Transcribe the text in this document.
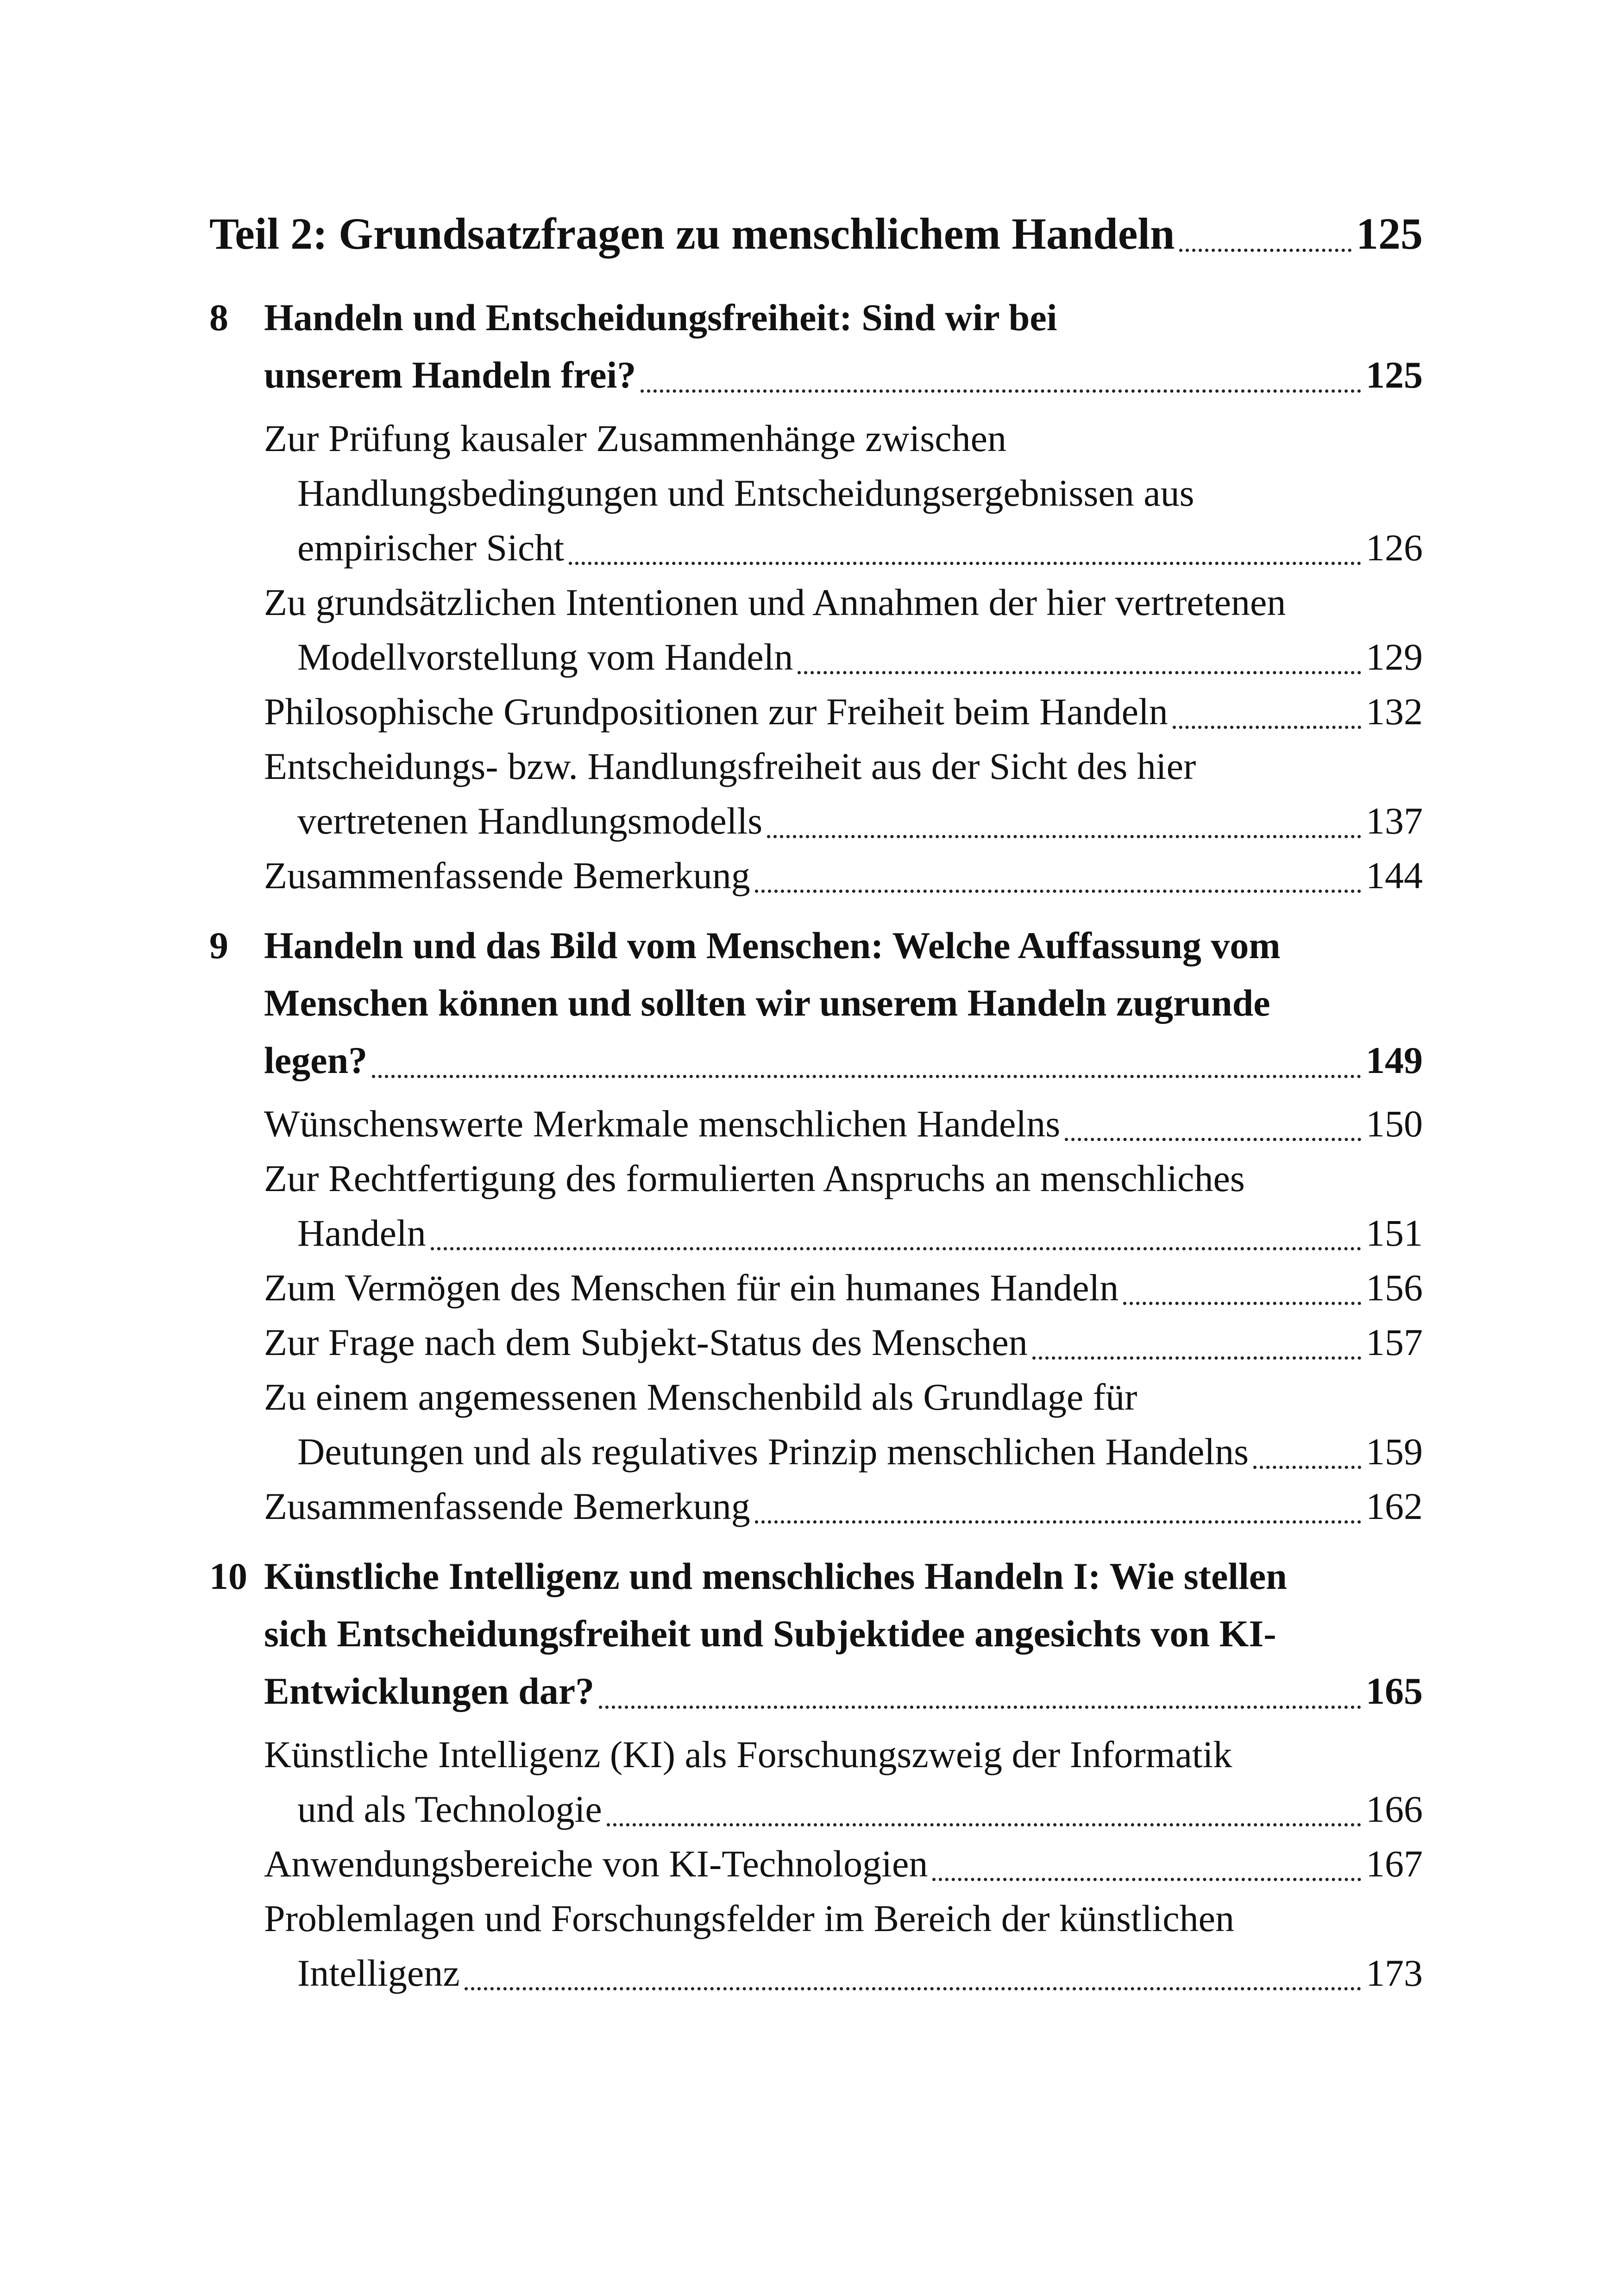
Teil 2: Grundsatzfragen zu menschlichem Handeln	125
8 Handeln und Entscheidungsfreiheit: Sind wir bei
unserem Handeln frei?	125
Zur Prüfung kausaler Zusammenhänge zwischen
Handlungsbedingungen und Entscheidungsergebnissen aus
empirischer Sicht	126
Zu grundsätzlichen Intentionen und Annahmen der hier vertretenen
Modellvorstellung vom Handeln	129
Philosophische Grundpositionen zur Freiheit beim Handeln	132
Entscheidungs- bzw. Handlungsfreiheit aus der Sicht des hier
vertretenen Handlungsmodells	137
Zusammenfassende Bemerkung	144
9 Handeln und das Bild vom Menschen: Welche Auffassung vom
Menschen können und sollten wir unserem Handeln zugrunde
legen?	149
Wünschenswerte Merkmale menschlichen Handelns	150
Zur Rechtfertigung des formulierten Anspruchs an menschliches
Handeln	151
Zum Vermögen des Menschen für ein humanes Handeln	156
Zur Frage nach dem Subjekt-Status des Menschen	157
Zu einem angemessenen Menschenbild als Grundlage für
Deutungen und als regulatives Prinzip menschlichen Handelns	159
Zusammenfassende Bemerkung	162
10 Künstliche Intelligenz und menschliches Handeln I: Wie stellen
sich Entscheidungsfreiheit und Subjektidee angesichts von KI-
Entwicklungen dar?	165
Künstliche Intelligenz (KI) als Forschungszweig der Informatik
und als Technologie	166
Anwendungsbereiche von KI-Technologien	167
Problemlagen und Forschungsfelder im Bereich der künstlichen
Intelligenz	173
